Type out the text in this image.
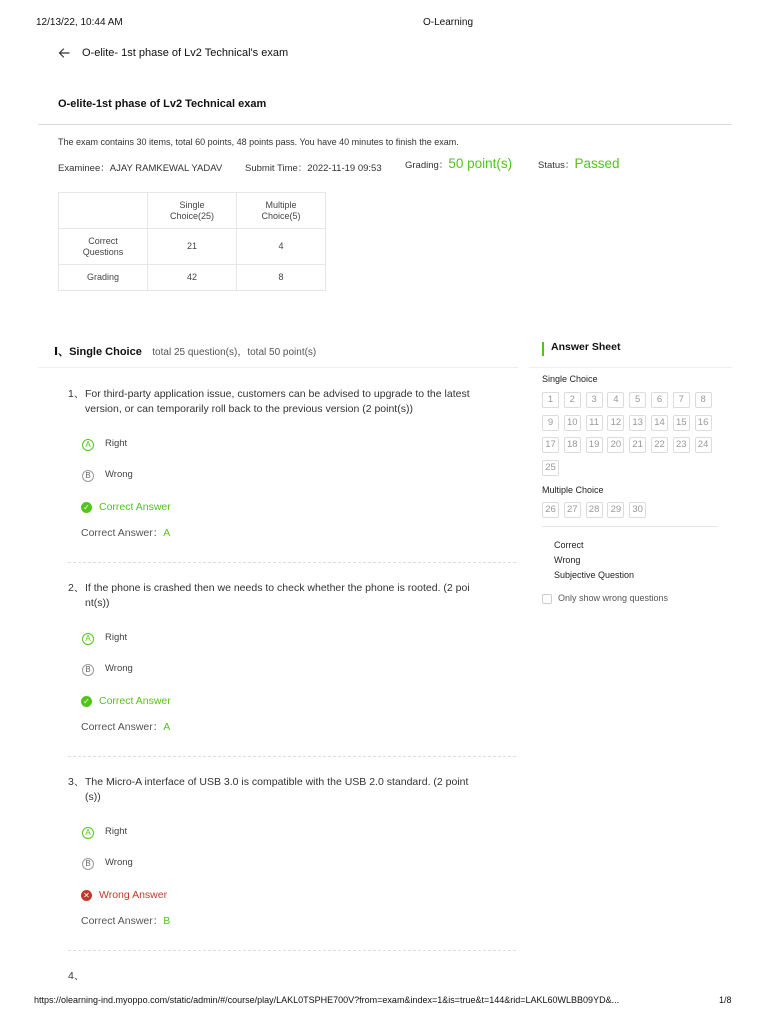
12/13/22, 10:44 AM	O-Learning
O-elite- 1st phase of Lv2 Technical's exam
O-elite-1st phase of Lv2 Technical exam
The exam contains 30 items, total 60 points, 48 points pass. You have 40 minutes to finish the exam.
Examinee：AJAY RAMKEWAL YADAV Submit Time：2022-11-19 09:53 Grading：50 point(s)	Status：Passed
	Single Choice(25)	Multiple Choice(5)
Correct Questions	21	4
Grading	42	8
Ⅰ、Single Choice total 25 question(s)，total 50 point(s)
1、 For third-party application issue, customers can be advised to upgrade to the latest
version, or can temporarily roll back to the previous version (2 point(s))
A	Right
B	Wrong
✓ Correct Answer
Correct Answer：A
2、 If the phone is crashed then we needs to check whether the phone is rooted. (2 poi
nt(s))
A	Right
B	Wrong
✓ Correct Answer
Correct Answer：A
3、 The Micro-A interface of USB 3.0 is compatible with the USB 2.0 standard. (2 point
(s))
A	Right
B	Wrong
✕ Wrong Answer
Correct Answer：B
4、
Answer Sheet
Single Choice
Multiple Choice
Correct
Wrong
Subjective Question
Only show wrong questions
https://olearning-ind.myoppo.com/static/admin/#/course/play/LAKL0TSPHE700V?from=exam&index=1&is=true&t=144&rid=LAKL60WLBB09YD&...	1/8
1	2	3	4	5	6	7	8
9	10	11	12	13	14	15	16
17	18	19	20	21	22	23	24
25
26	27	28	29	30
